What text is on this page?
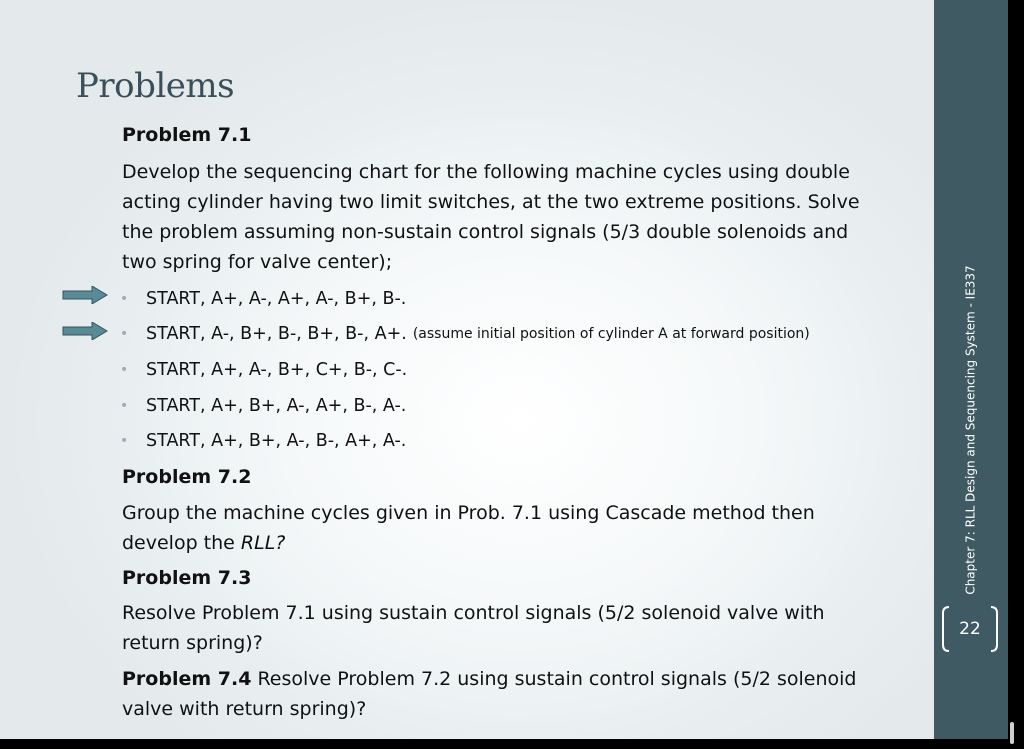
Problems
Problem 7.1
Develop the sequencing chart for the following machine cycles using double acting cylinder having two limit switches, at the two extreme positions. Solve the problem assuming non-sustain control signals (5/3 double solenoids and two spring for valve center);
•	START, A+, A-, A+, A-, B+, B-.
•	START, A-, B+, B-, B+, B-, A+. (assume initial position of cylinder A at forward position)
•	START, A+, A-, B+, C+, B-, C-.
•	START, A+, B+, A-, A+, B-, A-.
•	START, A+, B+, A-, B-, A+, A-.
Problem 7.2
Group the machine cycles given in Prob. 7.1 using Cascade method then develop the RLL?
Problem 7.3
Resolve Problem 7.1 using sustain control signals (5/2 solenoid valve with return spring)?
Problem 7.4 Resolve Problem 7.2 using sustain control signals (5/2 solenoid valve with return spring)?
Chapter 7: RLL Design and Sequencing System - IE337
22
